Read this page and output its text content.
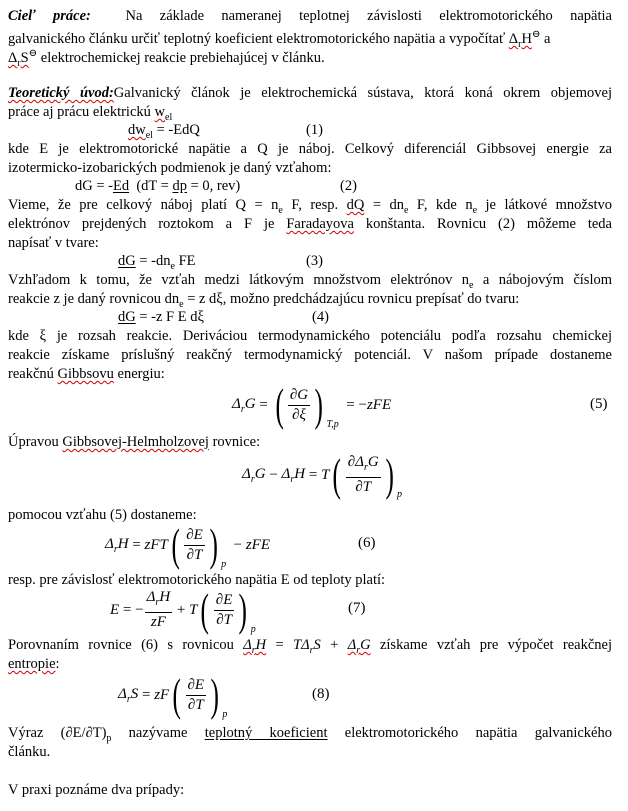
Cieľ práce:  Na základe nameranej teplotnej závislosti elektromotorického napätia
galvanického článku určiť teplotný koeficient elektromotorického napätia a vypočítať $\Delta_rH^⊖$ a
$\Delta_rS^⊖$ elektrochemickej reakcie prebiehajúcej v článku.
Teoretický úvod:Galvanický článok je elektrochemická sústava, ktorá koná okrem objemovej
práce aj prácu elektrickú $w_{el}$
$dw_{el} = -EdQ$	(1)
kde E je elektromotorické napätie a Q je náboj. Celkový diferenciál Gibbsovej energie za
izotermicko-izobarických podmienok je daný vzťahom:
dG = -Ed  (dT = dp = 0, rev)	(2)
Vieme, že pre celkový náboj platí $Q = n_e$ F, resp. dQ = $dn_e$ F, kde $n_e$ je látkové množstvo
elektrónov prejdených roztokom a F je Faradayova konštanta. Rovnicu (2) môžeme teda
napísať v tvare:
dG = $-dn_e$ FE	(3)
Vzhľadom k tomu, že vzťah medzi látkovým množstvom elektrónov $n_e$ a nábojovým číslom
reakcie z je daný rovnicou $dn_e = z$ dξ, možno predchádzajúcu rovnicu prepísať do tvaru:
dG = -z F E dξ	(4)
kde ξ je rozsah reakcie. Deriváciou termodynamického potenciálu podľa rozsahu chemickej
reakcie získame príslušný reakčný termodynamický potenciál. V našom prípade dostaneme
reakčnú Gibbsovu energiu:
$\Delta_rG$ = ( $\frac{\partial G}{\partial\xi}$ ) $_{T,p}$
= − zFE	(5)
Úpravou Gibbsovej-Helmholzovej rovnice:
$\Delta_rG - \Delta_rH = T$ ( $\frac{\partial\Delta_rG}{\partial T}$ ) $_p$
pomocou vzťahu (5) dostaneme:
$\Delta_rH$ = zFT ( $\frac{\partial E}{\partial T}$ ) $_p$
− zFE	(6)
resp. pre závislosť elektromotorického napätia E od teploty platí:
E = − $\frac{\Delta_rH}{zF} + T$ ( $\frac{\partial E}{\partial T}$ ) $_p$
(7)
Porovnaním rovnice (6) s rovnicou $\Delta_rH = T\Delta_rS + \Delta_rG$ získame vzťah pre výpočet reakčnej
entropie:
$\Delta_rS$ = zF ( $\frac{\partial E}{\partial T}$ ) $_p$
(8)
Výraz $(\partial E/\partial T)_p$ nazývame teplotný koeficient elektromotorického napätia galvanického
článku.
V praxi poznáme dva prípady:
